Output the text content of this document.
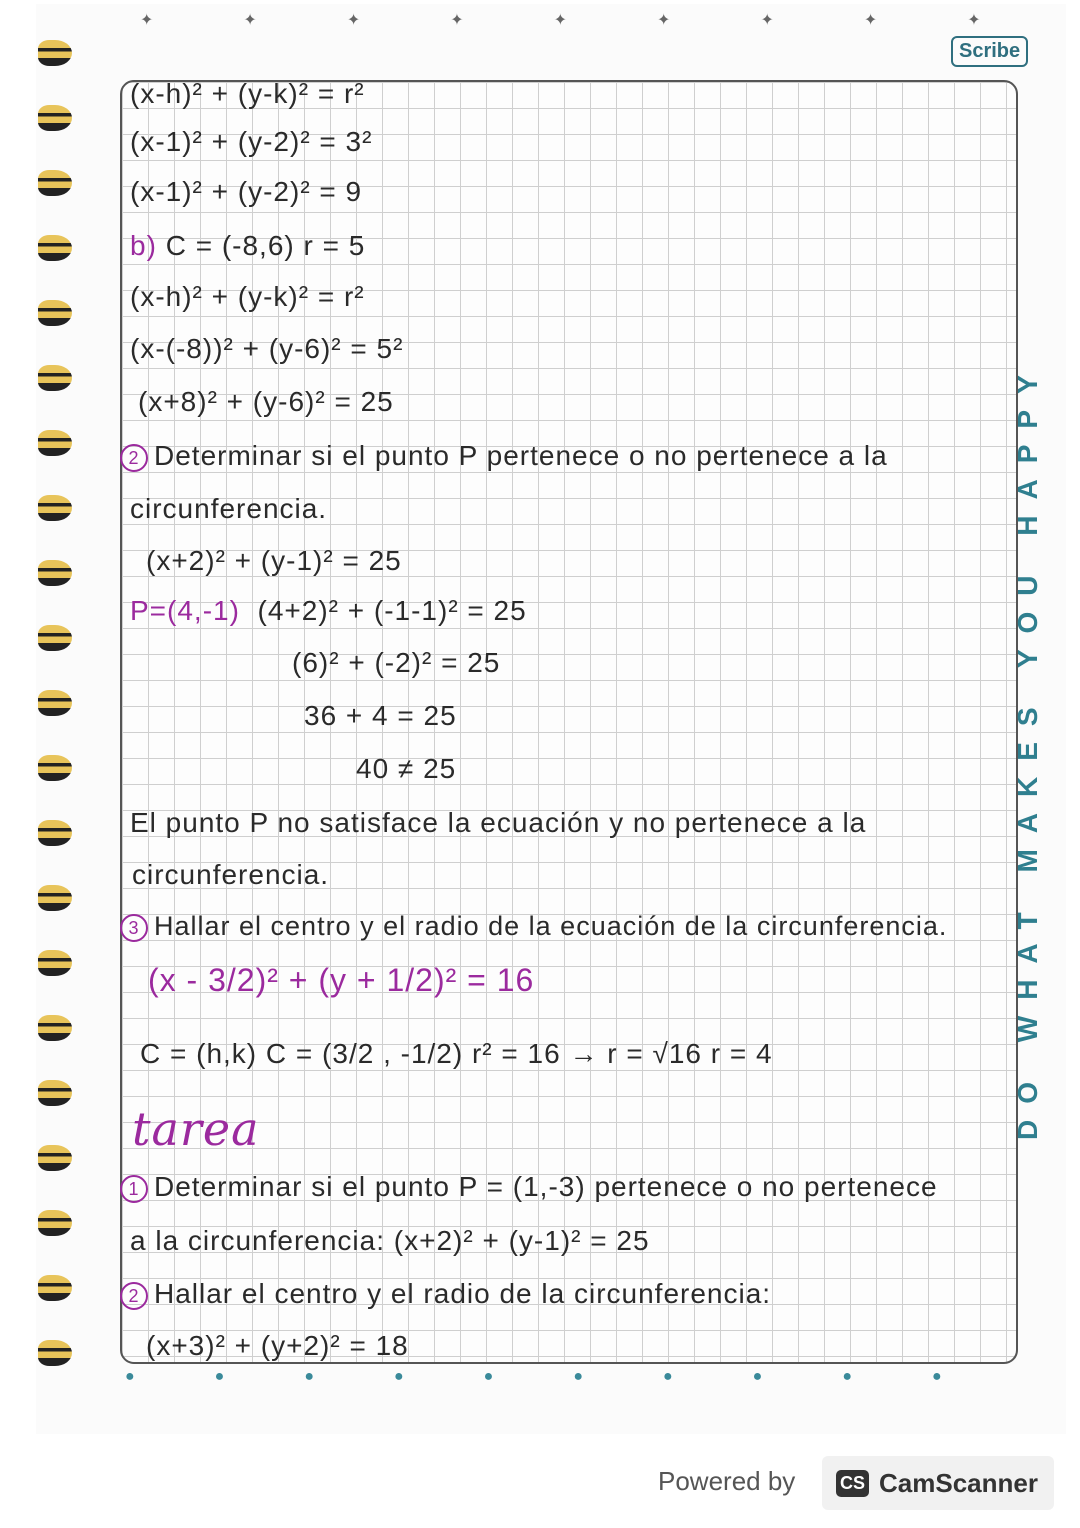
Scribe
✦✦✦✦✦✦✦✦✦
●●●●●●●●●●
(x-h)² + (y-k)² = r²
(x-1)² + (y-2)² = 3²
(x-1)² + (y-2)² = 9
b) C = (-8,6) r = 5
(x-h)² + (y-k)² = r²
(x-(-8))² + (y-6)² = 5²
(x+8)² + (y-6)² = 25
2 Determinar si el punto P pertenece o no pertenece a la
circunferencia.
(x+2)² + (y-1)² = 25
P=(4,-1) (4+2)² + (-1-1)² = 25
(6)² + (-2)² = 25
36 + 4 = 25
40 ≠ 25
El punto P no satisface la ecuación y no pertenece a la
circunferencia.
3 Hallar el centro y el radio de la ecuación de la circunferencia.
(x - 3/2)² + (y + 1/2)² = 16
C = (h,k) C = (3/2 , -1/2) r² = 16 → r = √16 r = 4
tarea
1 Determinar si el punto P = (1,-3) pertenece o no pertenece
a la circunferencia: (x+2)² + (y-1)² = 25
2 Hallar el centro y el radio de la circunferencia:
(x+3)² + (y+2)² = 18
DO WHAT MAKES YOU HAPPY
Powered by CS CamScanner
